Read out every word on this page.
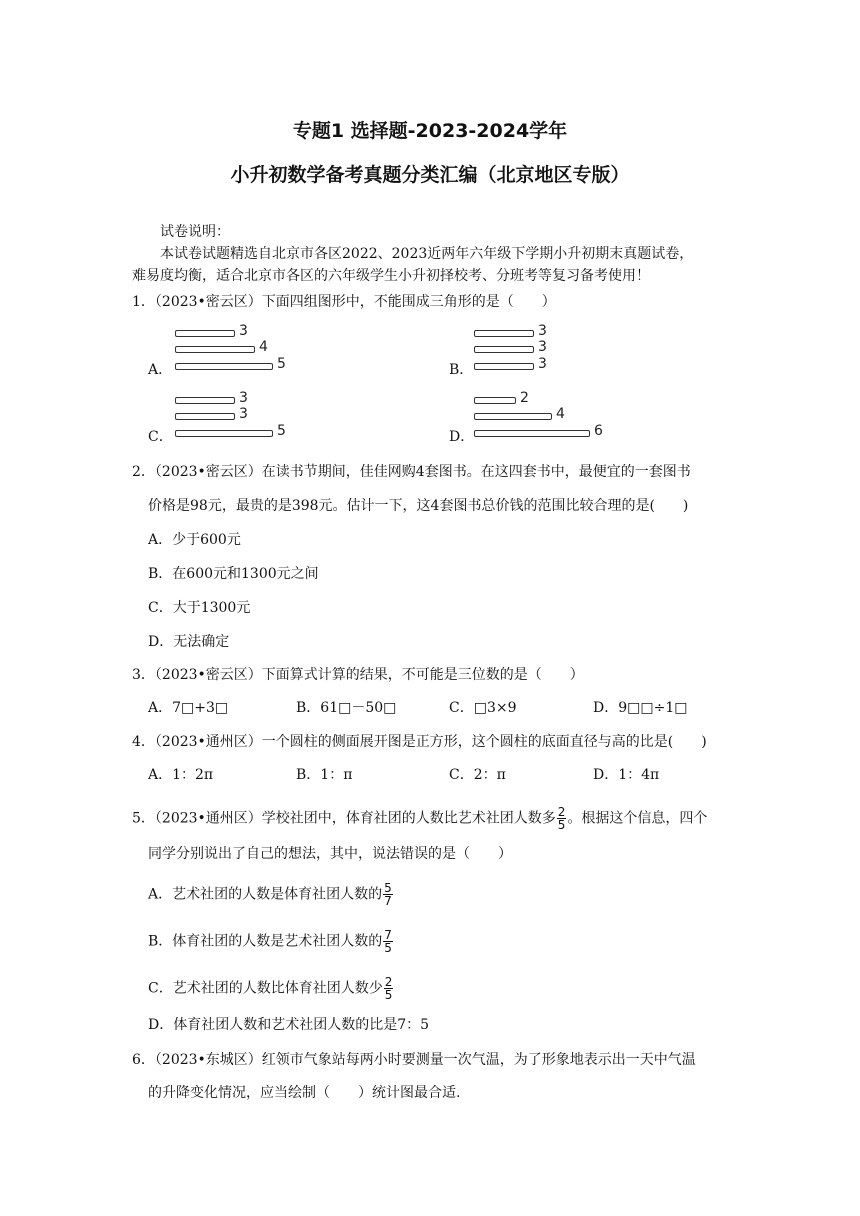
专题1 选择题-2023-2024学年
小升初数学备考真题分类汇编（北京地区专版）
试卷说明：
本试卷试题精选自北京市各区2022、2023近两年六年级下学期小升初期末真题试卷，
难易度均衡，适合北京市各区的六年级学生小升初择校考、分班考等复习备考使用！
1．（2023•密云区）下面四组图形中，不能围成三角形的是（　　）
A．
3
4
5	B．
3
3
3
C．
3
3
5	D．
2
4
6
2．（2023•密云区）在读书节期间，佳佳网购4套图书。在这四套书中，最便宜的一套图书
价格是98元，最贵的是398元。估计一下，这4套图书总价钱的范围比较合理的是(　　)
A．少于600元
B．在600元和1300元之间
C．大于1300元
D．无法确定
3．（2023•密云区）下面算式计算的结果，不可能是三位数的是（　　）
A．7□+3□	B．61□－50□	C．□3×9	D．9□□÷1□
4．（2023•通州区）一个圆柱的侧面展开图是正方形，这个圆柱的底面直径与高的比是(　　)
A．1：2π	B．1：π	C．2：π	D．1：4π
5．（2023•通州区）学校社团中，体育社团的人数比艺术社团人数多 $\frac{2}{5}$ 。根据这个信息，四个
同学分别说出了自己的想法，其中，说法错误的是（　　）
A．艺术社团的人数是体育社团人数的 $\frac{5}{7}$
B．体育社团的人数是艺术社团人数的 $\frac{7}{5}$
C．艺术社团的人数比体育社团人数少 $\frac{2}{5}$
D．体育社团人数和艺术社团人数的比是7：5
6．（2023•东城区）红领市气象站每两小时要测量一次气温，为了形象地表示出一天中气温
的升降变化情况，应当绘制（　　）统计图最合适.
